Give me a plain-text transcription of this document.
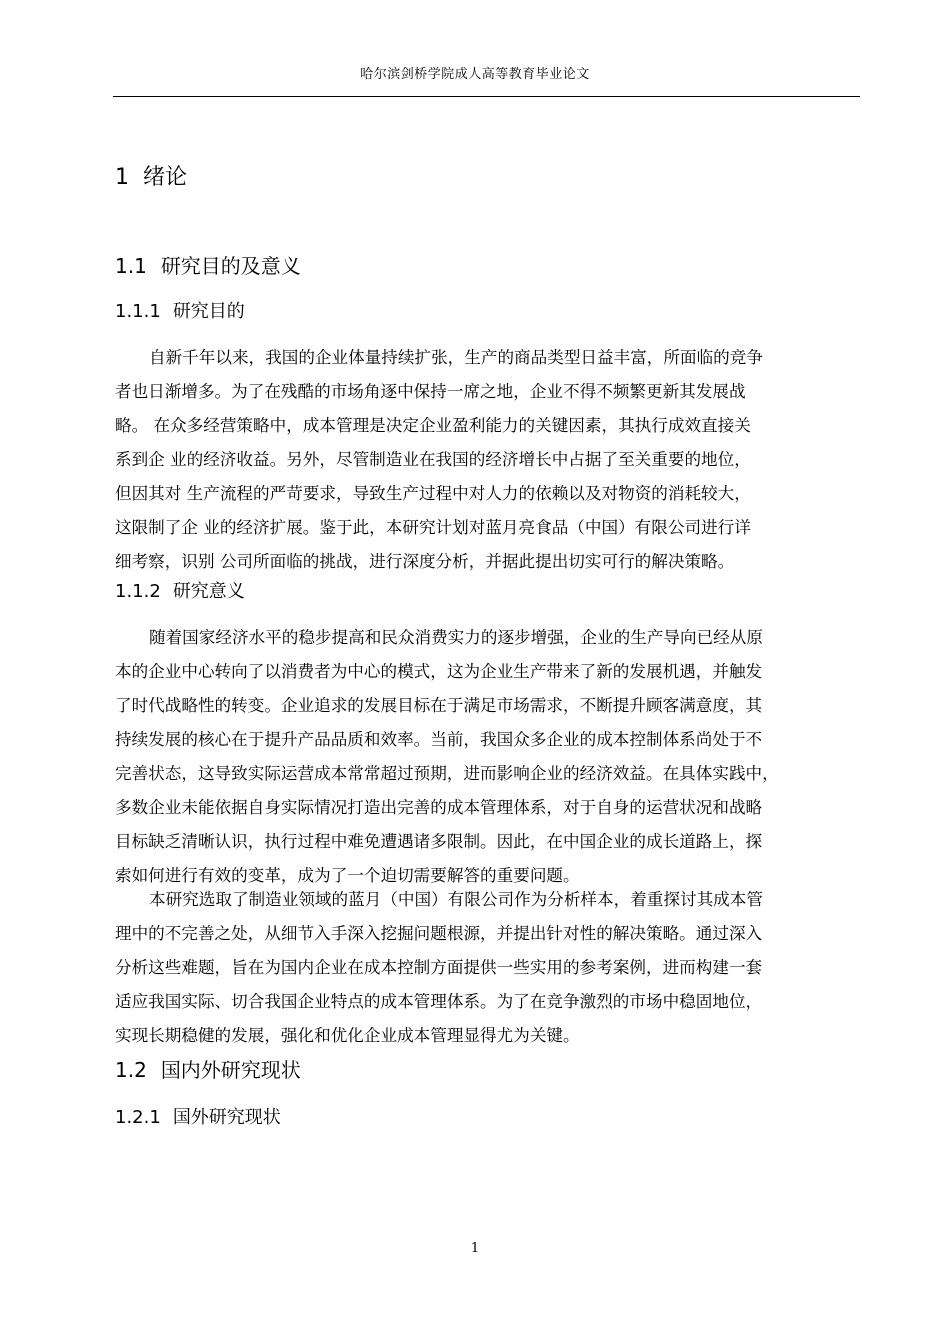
哈尔滨剑桥学院成人高等教育毕业论文
1 绪论
1.1 研究目的及意义
1.1.1 研究目的
自新千年以来，我国的企业体量持续扩张，生产的商品类型日益丰富，所面临的竞争
者也日渐增多。为了在残酷的市场角逐中保持一席之地，企业不得不频繁更新其发展战
略。 在众多经营策略中，成本管理是决定企业盈利能力的关键因素，其执行成效直接关
系到企 业的经济收益。另外，尽管制造业在我国的经济增长中占据了至关重要的地位，
但因其对 生产流程的严苛要求，导致生产过程中对人力的依赖以及对物资的消耗较大，
这限制了企 业的经济扩展。鉴于此，本研究计划对蓝月亮食品（中国）有限公司进行详
细考察，识别 公司所面临的挑战，进行深度分析，并据此提出切实可行的解决策略。
1.1.2 研究意义
随着国家经济水平的稳步提高和民众消费实力的逐步增强，企业的生产导向已经从原
本的企业中心转向了以消费者为中心的模式，这为企业生产带来了新的发展机遇，并触发
了时代战略性的转变。企业追求的发展目标在于满足市场需求，不断提升顾客满意度，其
持续发展的核心在于提升产品品质和效率。当前，我国众多企业的成本控制体系尚处于不
完善状态，这导致实际运营成本常常超过预期，进而影响企业的经济效益。在具体实践中，
多数企业未能依据自身实际情况打造出完善的成本管理体系，对于自身的运营状况和战略
目标缺乏清晰认识，执行过程中难免遭遇诸多限制。因此，在中国企业的成长道路上，探
索如何进行有效的变革，成为了一个迫切需要解答的重要问题。
本研究选取了制造业领域的蓝月（中国）有限公司作为分析样本，着重探讨其成本管
理中的不完善之处，从细节入手深入挖掘问题根源，并提出针对性的解决策略。通过深入
分析这些难题，旨在为国内企业在成本控制方面提供一些实用的参考案例，进而构建一套
适应我国实际、切合我国企业特点的成本管理体系。为了在竞争激烈的市场中稳固地位，
实现长期稳健的发展，强化和优化企业成本管理显得尤为关键。
1.2 国内外研究现状
1.2.1 国外研究现状
1
